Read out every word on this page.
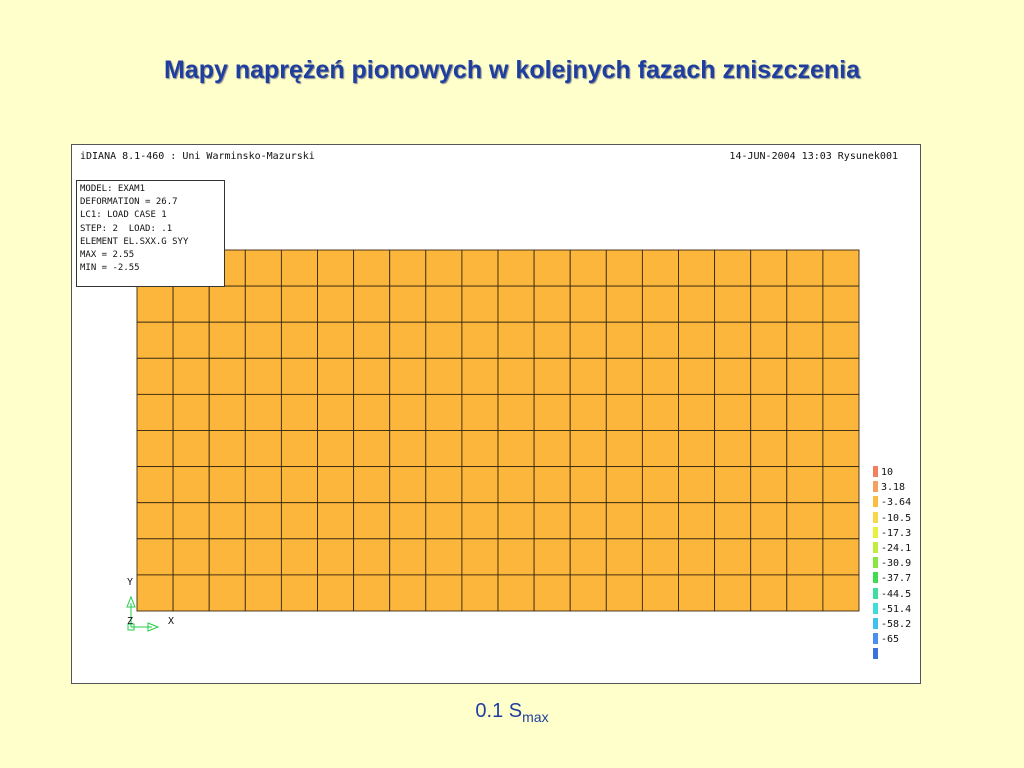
Mapy naprężeń pionowych w kolejnych fazach zniszczenia
iDIANA 8.1-460 : Uni Warminsko-Mazurski	14-JUN-2004 13:03 Rysunek001
Y
Z	X
MODEL: EXAM1
DEFORMATION = 26.7
LC1: LOAD CASE 1
STEP: 2  LOAD: .1
ELEMENT EL.SXX.G SYY
MAX = 2.55
MIN = -2.55
10
3.18
-3.64
-10.5
-17.3
-24.1
-30.9
-37.7
-44.5
-51.4
-58.2
-65
0.1 $S_{max}$
